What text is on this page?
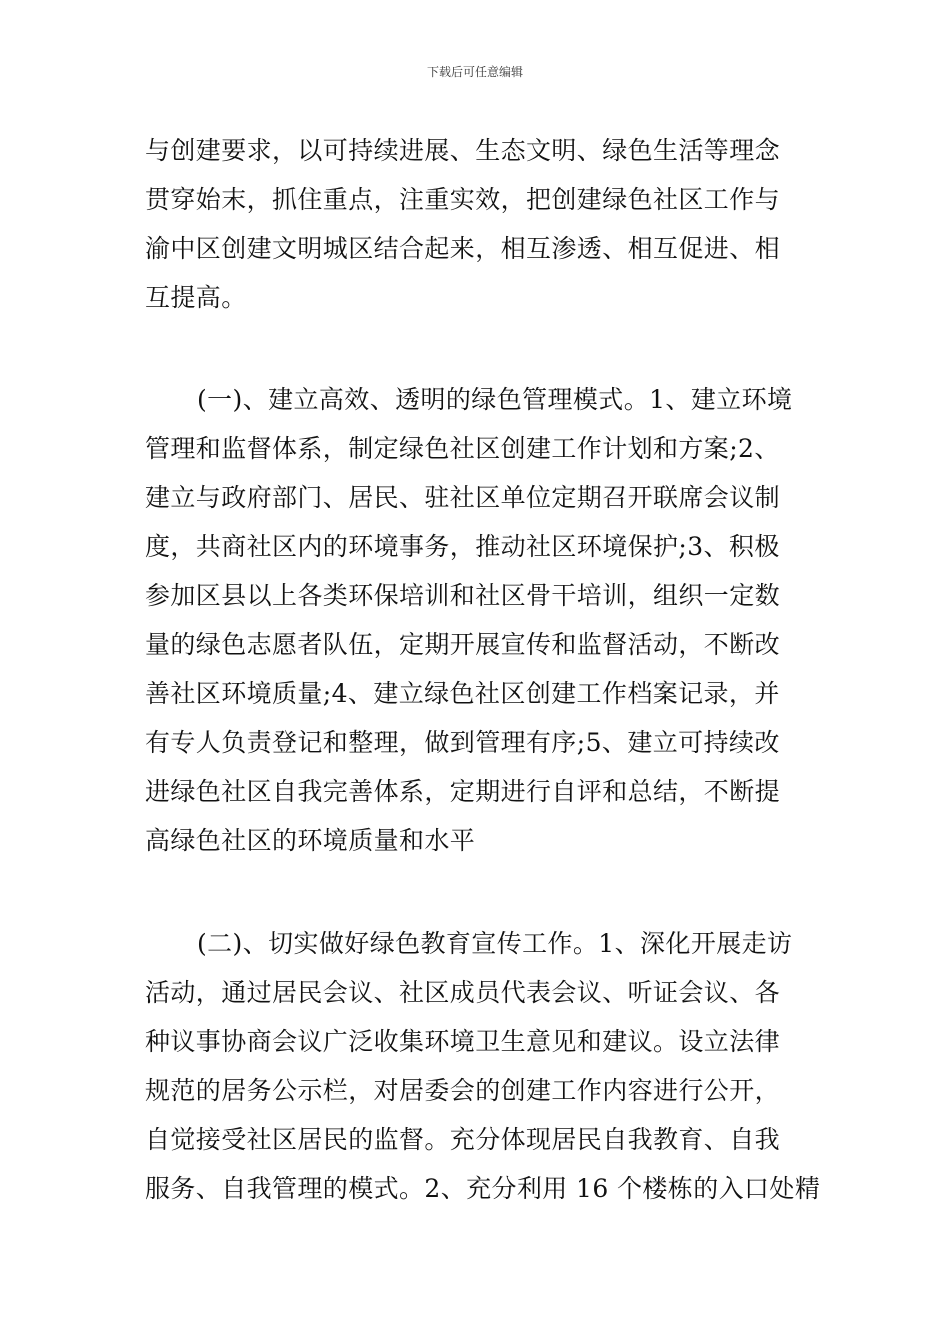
下载后可任意编辑
与创建要求，以可持续进展、生态文明、绿色生活等理念
贯穿始末，抓住重点，注重实效，把创建绿色社区工作与
渝中区创建文明城区结合起来，相互渗透、相互促进、相
互提高。
(一)、建立高效、透明的绿色管理模式。1、建立环境
管理和监督体系，制定绿色社区创建工作计划和方案;2、
建立与政府部门、居民、驻社区单位定期召开联席会议制
度，共商社区内的环境事务，推动社区环境保护;3、积极
参加区县以上各类环保培训和社区骨干培训，组织一定数
量的绿色志愿者队伍，定期开展宣传和监督活动，不断改
善社区环境质量;4、建立绿色社区创建工作档案记录，并
有专人负责登记和整理，做到管理有序;5、建立可持续改
进绿色社区自我完善体系，定期进行自评和总结，不断提
高绿色社区的环境质量和水平
(二)、切实做好绿色教育宣传工作。1、深化开展走访
活动，通过居民会议、社区成员代表会议、听证会议、各
种议事协商会议广泛收集环境卫生意见和建议。设立法律
规范的居务公示栏，对居委会的创建工作内容进行公开，
自觉接受社区居民的监督。充分体现居民自我教育、自我
服务、自我管理的模式。2、充分利用 16 个楼栋的入口处精
